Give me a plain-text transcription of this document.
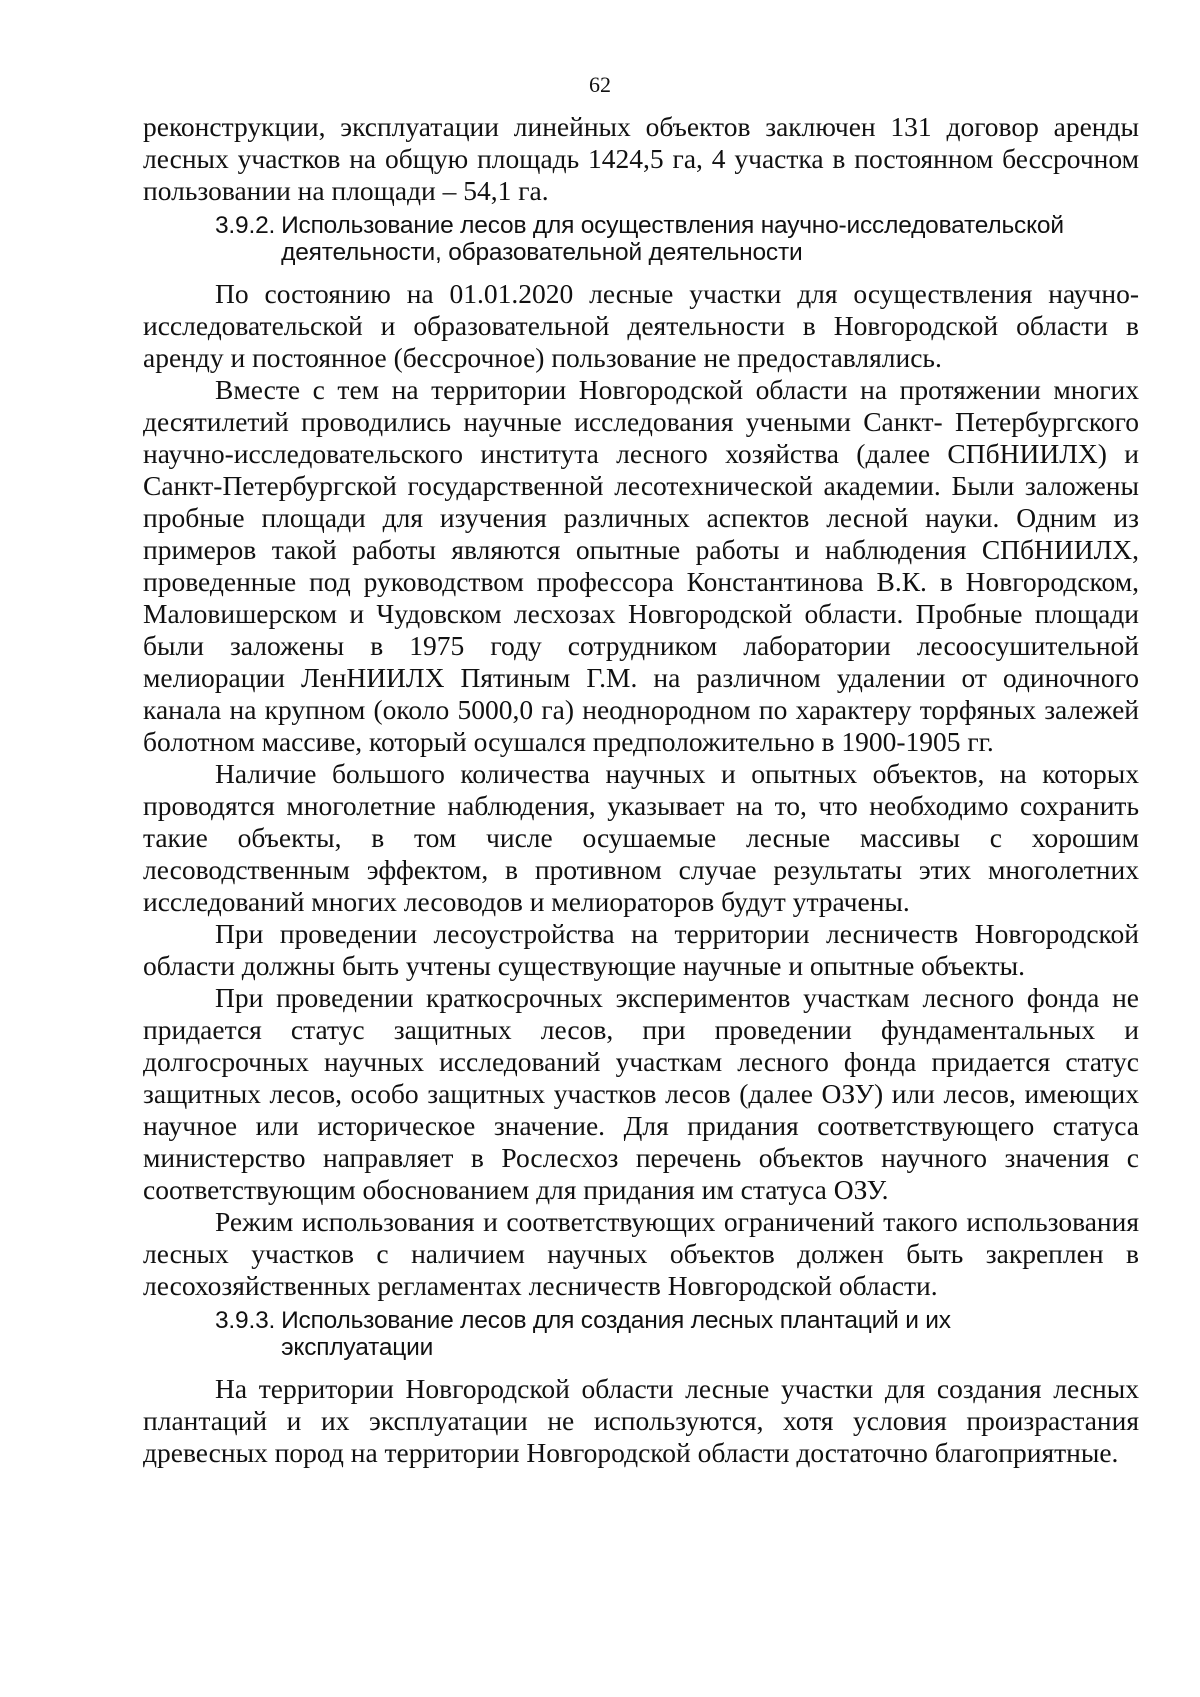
62

реконструкции, эксплуатации линейных объектов заключен 131 договор аренды лесных участков на общую площадь 1424,5 га, 4 участка в постоянном бессрочном пользовании на площади – 54,1 га.

3.9.2. Использование лесов для осуществления научно-исследовательской деятельности, образовательной деятельности

По состоянию на 01.01.2020 лесные участки для осуществления научно-исследовательской и образовательной деятельности в Новгородской области в аренду и постоянное (бессрочное) пользование не предоставлялись.

Вместе с тем на территории Новгородской области на протяжении многих десятилетий проводились научные исследования учеными Санкт- Петербургского научно-исследовательского института лесного хозяйства (далее СПбНИИЛХ) и Санкт-Петербургской государственной лесотехнической академии. Были заложены пробные площади для изучения различных аспектов лесной науки. Одним из примеров такой работы являются опытные работы и наблюдения СПбНИИЛХ, проведенные под руководством профессора Константинова В.К. в Новгородском, Маловишерском и Чудовском лесхозах Новгородской области. Пробные площади были заложены в 1975 году сотрудником лаборатории лесоосушительной мелиорации ЛенНИИЛХ Пятиным Г.М. на различном удалении от одиночного канала на крупном (около 5000,0 га) неоднородном по характеру торфяных залежей болотном массиве, который осушался предположительно в 1900-1905 гг.

Наличие большого количества научных и опытных объектов, на которых проводятся многолетние наблюдения, указывает на то, что необходимо сохранить такие объекты, в том числе осушаемые лесные массивы с хорошим лесоводственным эффектом, в противном случае результаты этих многолетних исследований многих лесоводов и мелиораторов будут утрачены.

При проведении лесоустройства на территории лесничеств Новгородской области должны быть учтены существующие научные и опытные объекты.

При проведении краткосрочных экспериментов участкам лесного фонда не придается статус защитных лесов, при проведении фундаментальных и долгосрочных научных исследований участкам лесного фонда придается статус защитных лесов, особо защитных участков лесов (далее ОЗУ) или лесов, имеющих научное или историческое значение. Для придания соответствующего статуса министерство направляет в Рослесхоз перечень объектов научного значения с соответствующим обоснованием для придания им статуса ОЗУ.

Режим использования и соответствующих ограничений такого использования лесных участков с наличием научных объектов должен быть закреплен в лесохозяйственных регламентах лесничеств Новгородской области.

3.9.3. Использование лесов для создания лесных плантаций и их эксплуатации

На территории Новгородской области лесные участки для создания лесных плантаций и их эксплуатации не используются, хотя условия произрастания древесных пород на территории Новгородской области достаточно благоприятные.
